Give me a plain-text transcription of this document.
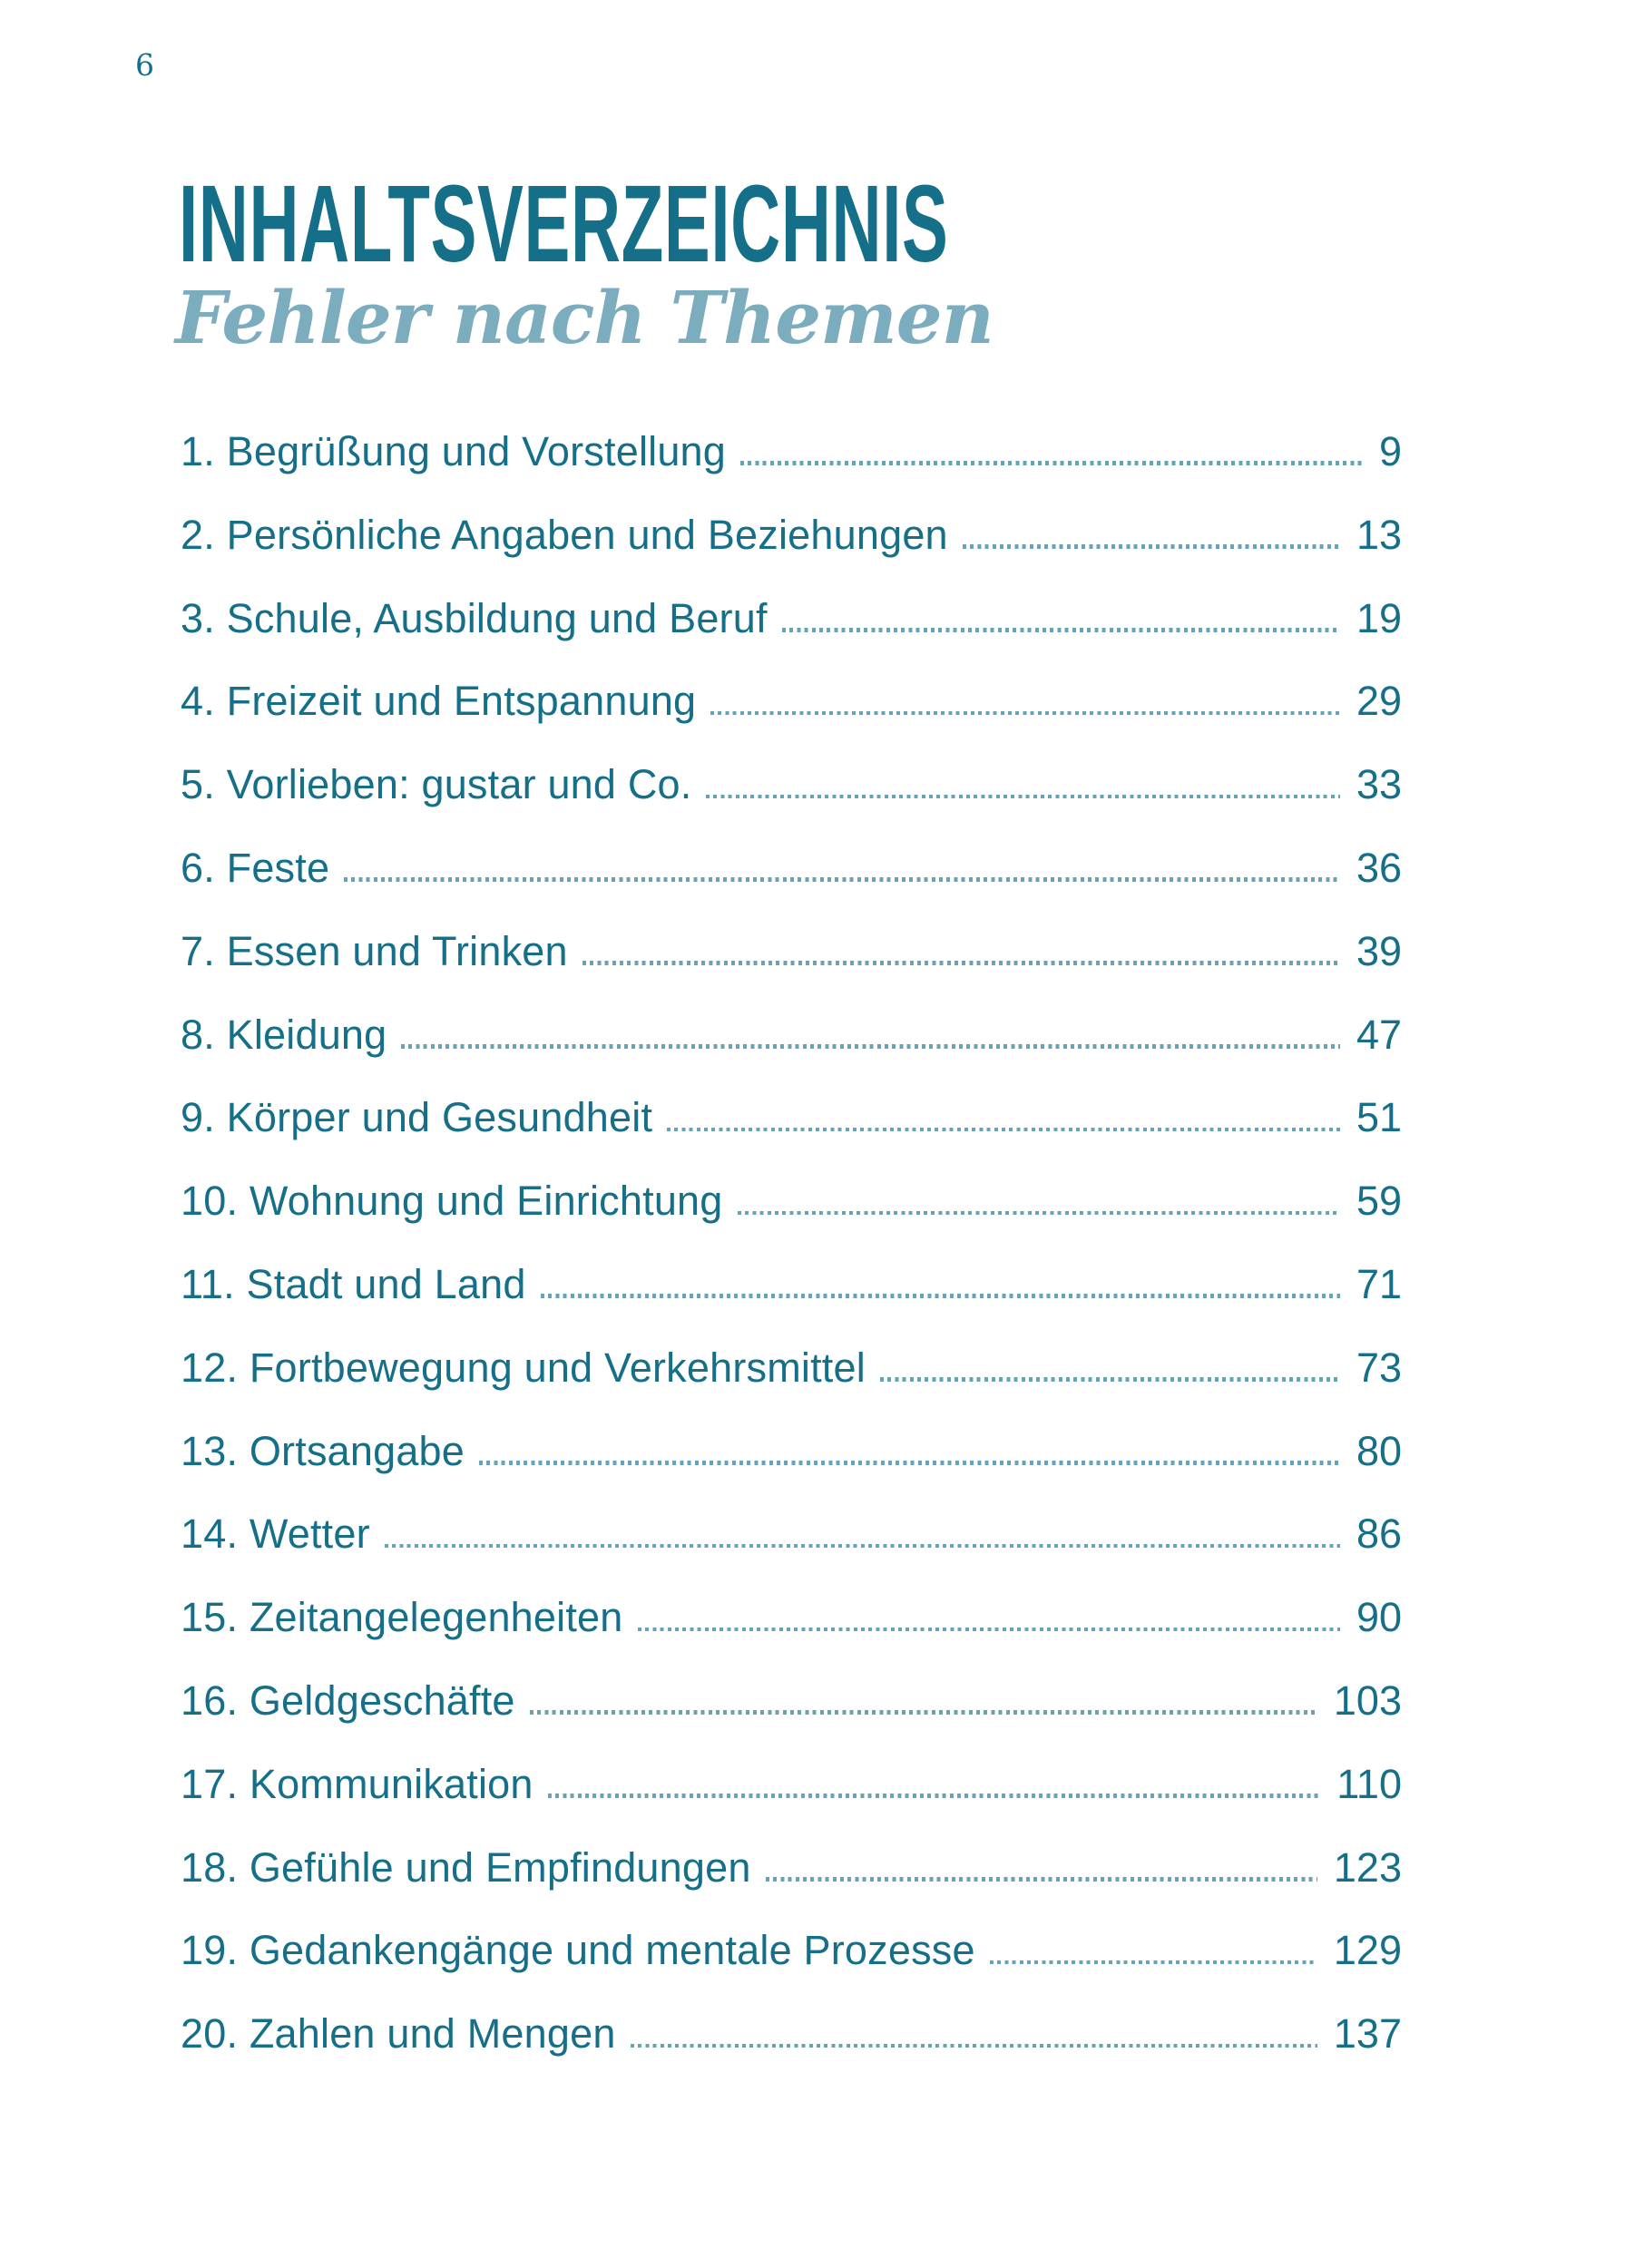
6
INHALTSVERZEICHNIS
Fehler nach Themen
1. Begrüßung und Vorstellung	9
2. Persönliche Angaben und Beziehungen	13
3. Schule, Ausbildung und Beruf	19
4. Freizeit und Entspannung	29
5. Vorlieben: gustar und Co.	33
6. Feste	36
7. Essen und Trinken	39
8. Kleidung	47
9. Körper und Gesundheit	51
10. Wohnung und Einrichtung	59
11. Stadt und Land	71
12. Fortbewegung und Verkehrsmittel	73
13. Ortsangabe	80
14. Wetter	86
15. Zeitangelegenheiten	90
16. Geldgeschäfte	103
17. Kommunikation	110
18. Gefühle und Empfindungen	123
19. Gedankengänge und mentale Prozesse	129
20. Zahlen und Mengen	137
